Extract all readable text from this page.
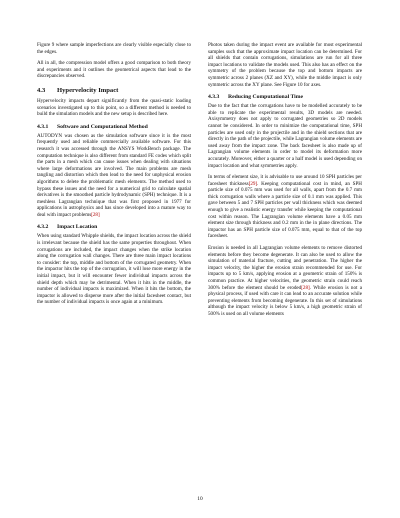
Figure 9 where sample imperfections are clearly visible especially close to the edges.

All in all, the compression model offers a good comparison to both theory and experiments and it outlines the geometrical aspects that lead to the discrepancies observed.

4.3 Hypervelocity Impact

Hypervelocity impacts depart significantly from the quasi-static loading scenarios investigated up to this point, so a different method is needed to build the simulation models and the new setup is described here.

4.3.1 Software and Computational Method

AUTODYN was chosen as the simulation software since it is the most frequently used and reliable commercially available software. For this research it was accessed through the ANSYS WorkBench package. The computation technique is also different from standard FE codes which split the parts in a mesh which can cause issues when dealing with situations where large deformations are involved. The main problems are mesh tangling and distortion which then lead to the need for unphysical erosion algorithms to delete the problematic mesh elements. The method used to bypass these issues and the need for a numerical grid to calculate spatial derivatives is the smoothed particle hydrodynamic (SPH) technique. It is a meshless Lagrangian technique that was first proposed in 1977 for applications in astrophysics and has since developed into a mature way to deal with impact problems[28]

4.3.2 Impact Location

When using standard Whipple shields, the impact location across the shield is irrelevant because the shield has the same properties throughout. When corrugations are included, the impact changes when the strike location along the corrugation wall changes. There are three main impact locations to consider: the top, middle and bottom of the corrugated geometry. When the impactor hits the top of the corrugation, it will lose more energy in the initial impact, but it will encounter fewer individual impacts across the shield depth which may be detrimental. When it hits in the middle, the number of individual impacts is maximized. When it hits the bottom, the impactor is allowed to disperse more after the initial facesheet contact, but the number of individual impacts is once again at a minimum.

Photos taken during the impact event are available for most experimental samples such that the approximate impact location can be determined. For all shields that contain corrugations, simulations are run for all three impact locations to validate the models used. This also has an effect on the symmetry of the problem because the top and bottom impacts are symmetric across 2 planes (XZ and XY), while the middle impact is only symmetric across the XY plane. See Figure 10 for axes.

4.3.3 Reducing Computational Time

Due to the fact that the corrugations have to be modelled accurately to be able to replicate the experimental results, 3D models are needed. Axisymmetry does not apply to corrugated geometries so 2D models cannot be considered. In order to minimize the computational time, SPH particles are used only in the projectile and in the shield sections that are directly in the path of the projectile, while Lagrangian volume elements are used away from the impact zone. The back facesheet is also made up of Lagrangian volume elements in order to model its deformation more accurately. Moreover, either a quarter or a half model is used depending on impact location and what symmetries apply.

In terms of element size, it is advisable to use around 10 SPH particles per facesheet thickness[29]. Keeping computational cost in mind, an SPH particle size of 0.075 mm was used for all walls, apart from the 0.7 mm thick corrugation walls where a particle size of 0.1 mm was applied. This gave between 5 and 7 SPH particles per wall thickness which was deemed enough to give a realistic energy transfer while keeping the computational cost within reason. The Lagrangian volume elements have a 0.05 mm element size through thickness and 0.2 mm in the in plane directions. The impactor has an SPH particle size of 0.075 mm, equal to that of the top facesheet.

Erosion is needed in all Lagrangian volume elements to remove distorted elements before they become degenerate. It can also be used to allow the simulation of material fracture, cutting and penetration. The higher the impact velocity, the higher the erosion strain recommended for use. For impacts up to 5 km/s, applying erosion at a geometric strain of 150% is common practice. At higher velocities, the geometric strain could reach 300% before the element should be eroded[28]. While erosion is not a physical process, if used with care it can lead to an accurate solution while preventing elements from becoming degenerate. In this set of simulations although the impact velocity is below 5 km/s, a high geometric strain of 500% is used on all volume elements

10
